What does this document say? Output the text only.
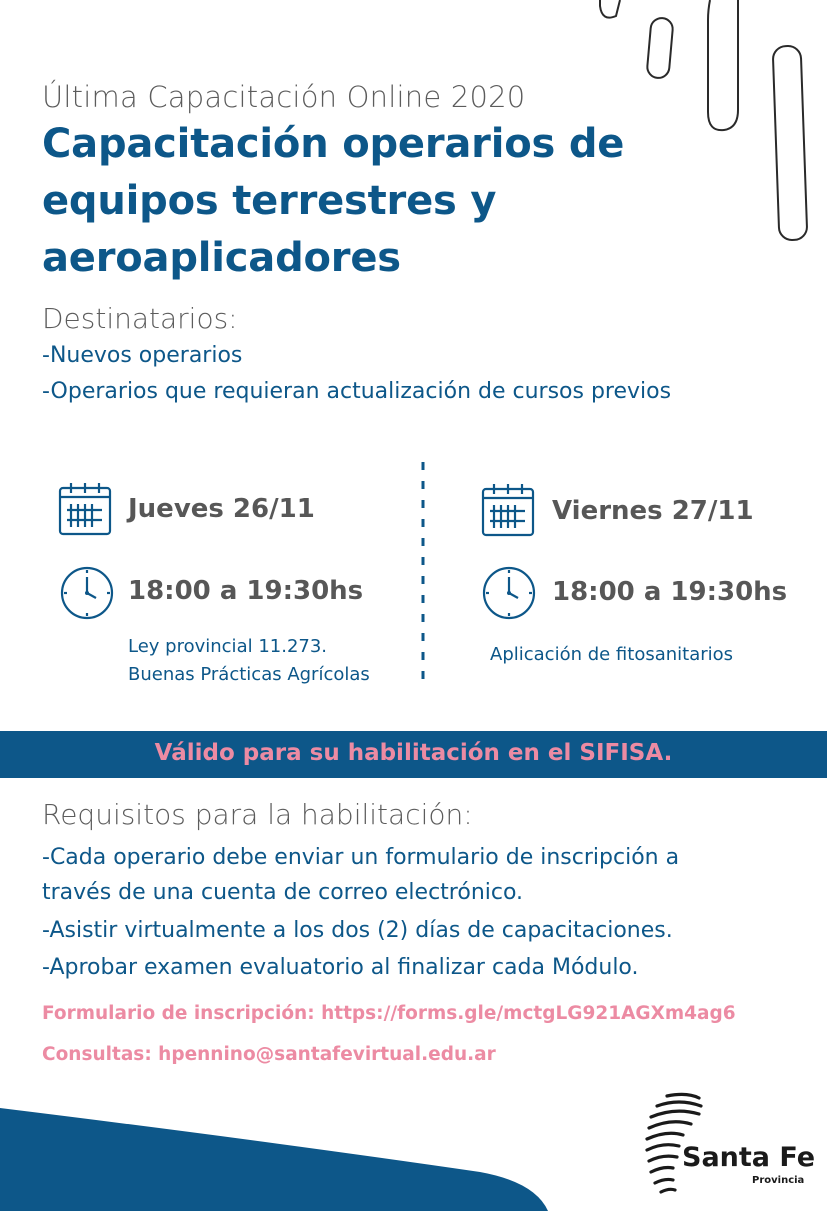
Última Capacitación Online 2020
Capacitación operarios de
equipos terrestres y
aeroaplicadores
Destinatarios:
-Nuevos operarios
-Operarios que requieran actualización de cursos previos
Jueves 26/11
18:00 a 19:30hs
Ley provincial 11.273.
Buenas Prácticas Agrícolas
Viernes 27/11
18:00 a 19:30hs
Aplicación de fitosanitarios
Válido para su habilitación en el SIFISA.
Requisitos para la habilitación:
-Cada operario debe enviar un formulario de inscripción a
través de una cuenta de correo electrónico.
-Asistir virtualmente a los dos (2) días de capacitaciones.
-Aprobar examen evaluatorio al finalizar cada Módulo.
Formulario de inscripción: https://forms.gle/mctgLG921AGXm4ag6
Consultas: hpennino@santafevirtual.edu.ar
Santa Fe
Provincia
